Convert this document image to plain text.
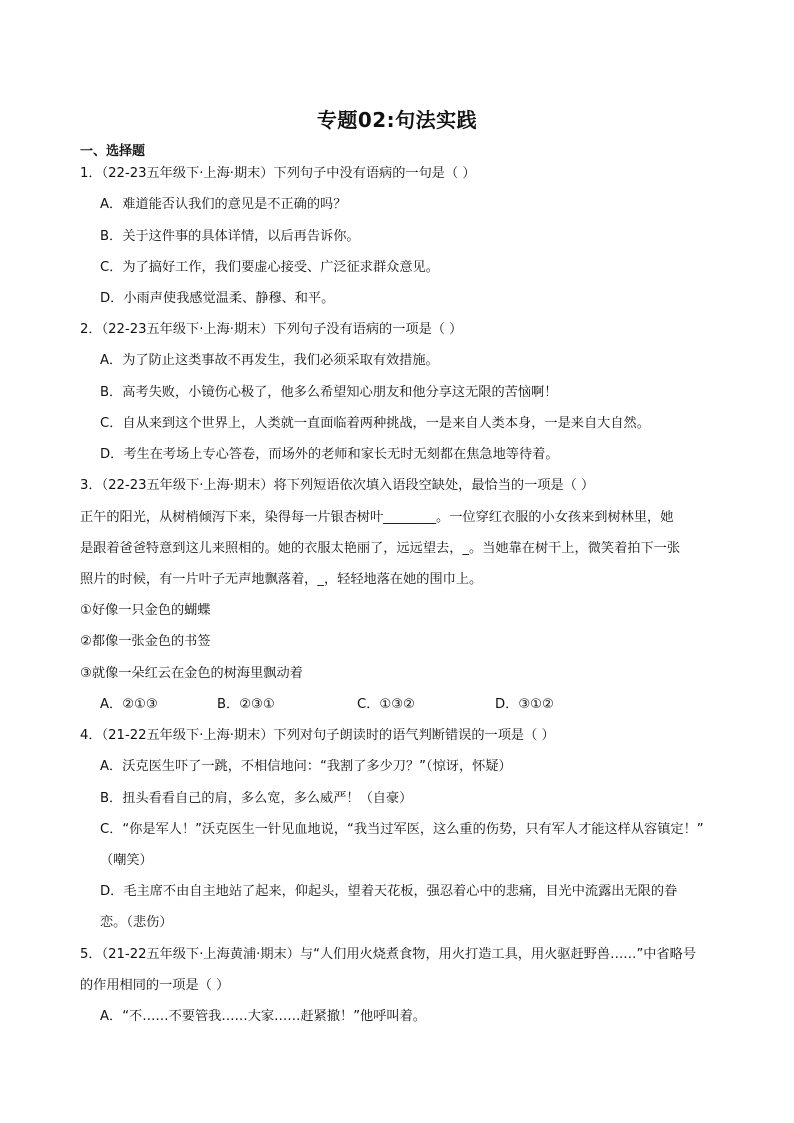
专题02:句法实践
一、选择题
1．（22-23五年级下·上海·期末）下列句子中没有语病的一句是（ ）
A．难道能否认我们的意见是不正确的吗？
B．关于这件事的具体详情，以后再告诉你。
C．为了搞好工作，我们要虚心接受、广泛征求群众意见。
D．小雨声使我感觉温柔、静穆、和平。
2．（22-23五年级下·上海·期末）下列句子没有语病的一项是（ ）
A．为了防止这类事故不再发生，我们必须采取有效措施。
B．高考失败，小镜伤心极了，他多么希望知心朋友和他分享这无限的苦恼啊！
C．自从来到这个世界上，人类就一直面临着两种挑战，一是来自人类本身，一是来自大自然。
D．考生在考场上专心答卷，而场外的老师和家长无时无刻都在焦急地等待着。
3．（22-23五年级下·上海·期末）将下列短语依次填入语段空缺处，最恰当的一项是（ ）
正午的阳光，从树梢倾泻下来，染得每一片银杏树叶________。一位穿红衣服的小女孩来到树林里，她
是跟着爸爸特意到这儿来照相的。她的衣服太艳丽了，远远望去，_。当她靠在树干上，微笑着拍下一张
照片的时候，有一片叶子无声地飘落着，_，轻轻地落在她的围巾上。
①好像一只金色的蝴蝶
②都像一张金色的书签
③就像一朵红云在金色的树海里飘动着
A．②①③	B．②③①	C．①③②	D．③①②
4．（21-22五年级下·上海·期末）下列对句子朗读时的语气判断错误的一项是（ ）
A．沃克医生吓了一跳，不相信地问：“我割了多少刀？”（惊讶，怀疑）
B．扭头看看自己的肩，多么宽，多么威严！（自豪）
C．“你是军人！”沃克医生一针见血地说，“我当过军医，这么重的伤势，只有军人才能这样从容镇定！”
（嘲笑）
D．毛主席不由自主地站了起来，仰起头，望着天花板，强忍着心中的悲痛，目光中流露出无限的眷
恋。（悲伤）
5．（21-22五年级下·上海黄浦·期末）与“人们用火烧煮食物，用火打造工具，用火驱赶野兽……”中省略号
的作用相同的一项是（ ）
A．“不……不要管我……大家……赶紧撤！”他呼叫着。
